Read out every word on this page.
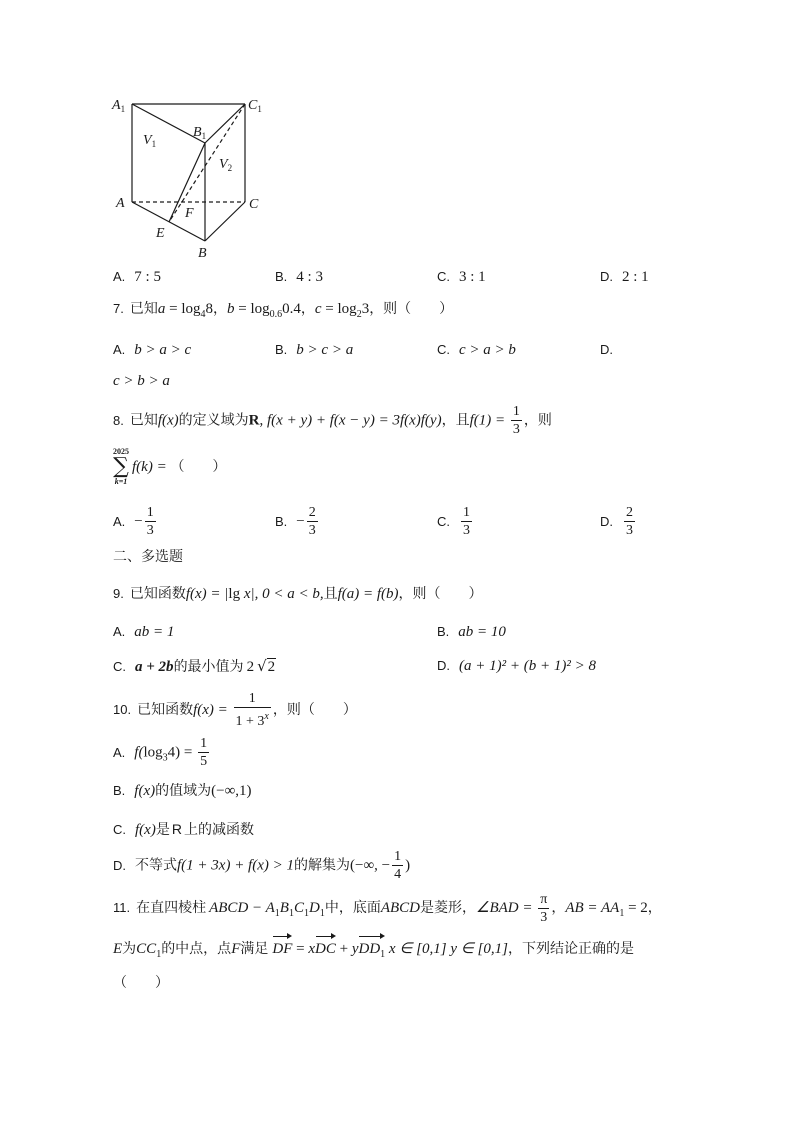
$A_1$	$C_1$
$B_1$
$V_1$
$V_2$
A	C
F
E
B
A. 7 : 5	B. 4 : 3	C. 3 : 1	D. 2 : 1
7. 已知$a = \log_48$，$b = \log_{0.6}0.4$，$c = \log_23$，则（　　）
A. b > a > c	B. b > c > a	C. c > a > b	D.
c > b > a
8. 已知f(x)的定义域为R, f(x + y) + f(x − y) = 3f(x)f(y)，且$f(1) = \frac{1}{3}$ ，则
2025
∑
k=1
f(k) = （　　）
A. − $\frac{1}{3}$	B. − $\frac{2}{3}$	C. $\frac{1}{3}$	D. $\frac{2}{3}$
二、多选题
9. 已知函数f(x) = |lg x|, 0 < a < b,且f(a) = f(b)，则（　　）
A. ab = 1	B. ab = 10
C. a + 2b的最小值为 2 √2	D. (a + 1)² + (b + 1)² > 8
10. 已知函数$f(x) = \frac{1}{1 + 3^x}$ ，则（　　）
A. $f(\log_34) = \frac{1}{5}$
B. f(x)的值域为(−∞,1)
C. f(x)是 R 上的减函数
D. 不等式f(1 + 3x) + f(x) > 1的解集为(−∞, − $\frac{1}{4}$ )
11. 在直四棱柱 ABCD − $A_1B_1C_1D_1$中，底面ABCD是菱形，∠BAD = $\frac{\pi}{3}$ ，AB = $AA_1 = 2$，
E为$CC_1$的中点，点F满足 DF = xDC + yDD$_1$ x ∈ [0,1] y ∈ [0,1]，下列结论正确的是
（　　）
